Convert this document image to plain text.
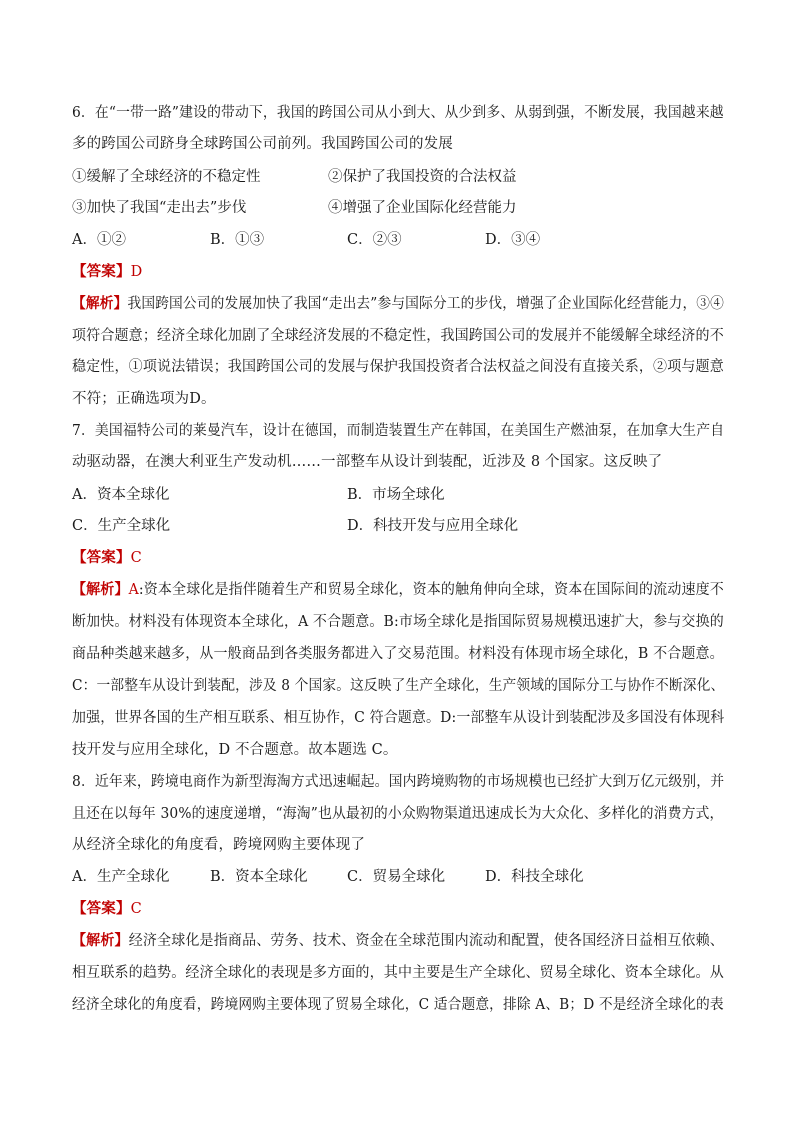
6．在“一带一路”建设的带动下，我国的跨国公司从小到大、从少到多、从弱到强，不断发展，我国越来越
多的跨国公司跻身全球跨国公司前列。我国跨国公司的发展
①缓解了全球经济的不稳定性	②保护了我国投资的合法权益
③加快了我国“走出去”步伐	④增强了企业国际化经营能力
A．①②	B．①③	C．②③	D．③④
【答案】D
【解析】我国跨国公司的发展加快了我国“走出去”参与国际分工的步伐，增强了企业国际化经营能力，③④
项符合题意；经济全球化加剧了全球经济发展的不稳定性，我国跨国公司的发展并不能缓解全球经济的不
稳定性，①项说法错误；我国跨国公司的发展与保护我国投资者合法权益之间没有直接关系，②项与题意
不符；正确选项为D。
7．美国福特公司的莱曼汽车，设计在德国，而制造装置生产在韩国，在美国生产燃油泵，在加拿大生产自
动驱动器，在澳大利亚生产发动机……一部整车从设计到装配，近涉及 8 个国家。这反映了
A．资本全球化	B．市场全球化
C．生产全球化	D．科技开发与应用全球化
【答案】C
【解析】A:资本全球化是指伴随着生产和贸易全球化，资本的触角伸向全球，资本在国际间的流动速度不
断加快。材料没有体现资本全球化，A 不合题意。B:市场全球化是指国际贸易规模迅速扩大，参与交换的
商品种类越来越多，从一般商品到各类服务都进入了交易范围。材料没有体现市场全球化，B 不合题意。
C：一部整车从设计到装配，涉及 8 个国家。这反映了生产全球化，生产领域的国际分工与协作不断深化、
加强，世界各国的生产相互联系、相互协作，C 符合题意。D:一部整车从设计到装配涉及多国没有体现科
技开发与应用全球化，D 不合题意。故本题选 C。
8．近年来，跨境电商作为新型海淘方式迅速崛起。国内跨境购物的市场规模也已经扩大到万亿元级别，并
且还在以每年 30%的速度递增，“海淘”也从最初的小众购物渠道迅速成长为大众化、多样化的消费方式，
从经济全球化的角度看，跨境网购主要体现了
A．生产全球化	B．资本全球化	C．贸易全球化	D．科技全球化
【答案】C
【解析】经济全球化是指商品、劳务、技术、资金在全球范围内流动和配置，使各国经济日益相互依赖、
相互联系的趋势。经济全球化的表现是多方面的，其中主要是生产全球化、贸易全球化、资本全球化。从
经济全球化的角度看，跨境网购主要体现了贸易全球化，C 适合题意，排除 A、B；D 不是经济全球化的表
